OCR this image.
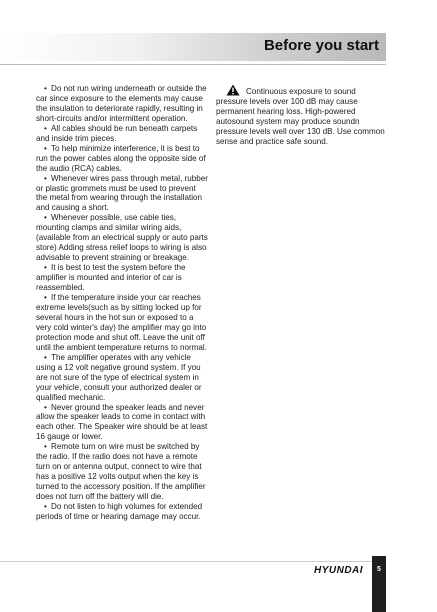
Before you start

• Do not run wiring underneath or outside the car since exposure to the elements may cause the insulation to deteriorate rapidly, resulting in short-circuits and/or intermittent operation.

• All cables should be run beneath carpets and inside trim pieces.

• To help minimize interference, it is best to run the power cables along the opposite side of the audio (RCA) cables.

• Whenever wires pass through metal, rubber or plastic grommets must be used to prevent the metal from wearing through the installation and causing a short.

• Whenever possible, use cable ties, mounting clamps and similar wiring aids, (available from an electrical supply or auto parts store) Adding stress relief loops to wiring is also advisable to prevent straining or breakage.

• It is best to test the system before the amplifier is mounted and interior of car is reassembled.

• If the temperature inside your car reaches extreme levels(such as by sitting locked up for several hours in the hot sun or exposed to a very cold winter's day) the amplifier may go into protection mode and shut off. Leave the unit off until the ambient temperature returns to normal.

• The amplifier operates with any vehicle using a 12 volt negative ground system. If you are not sure of the type of electrical system in your vehicle, consult your authorized dealer or qualified mechanic.

• Never ground the speaker leads and never allow the speaker leads to come in contact with each other. The Speaker wire should be at least 16 gauge or lower.

• Remote turn on wire must be switched by the radio. If the radio does not have a remote turn on or antenna output, connect to wire that has a positive 12 volts output when the key is turned to the accessory position. If the amplifier does not turn off the battery will die.

• Do not listen to high volumes for extended periods of time or hearing damage may occur.

Continuous exposure to sound pressure levels over 100 dB may cause permanent hearing loss. High-powered autosound system may produce soundn pressure levels well over 130 dB. Use common sense and practice safe sound.

HYUNDAI	5
